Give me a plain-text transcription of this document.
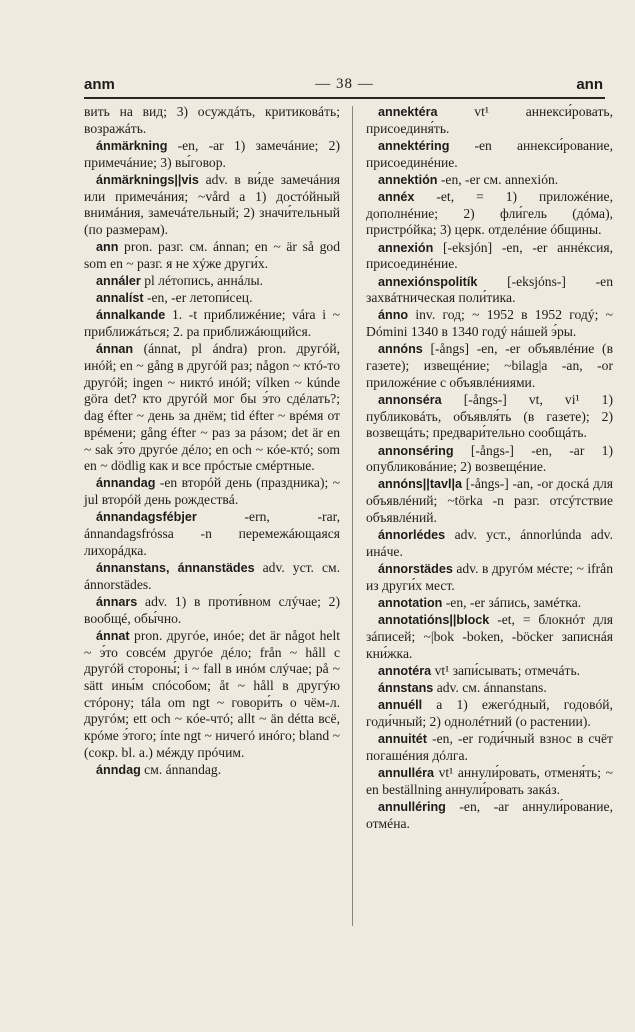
anm	— 38 —	ann

вить на вид; 3) осуждáть, критиковáть; возражáть.

ánmärkning -en, -ar 1) замечáние; 2) примечáние; 3) вы́говор.

ánmärknings||vis adv. в ви́де замечáния или примечáния; ~vård a 1) достóйный внимáния, замечáтельный; 2) значи́тельный (по размерам).

ann pron. разг. см. ánnan; en ~ är så god som en ~ разг. я не хýже други́х.

annáler pl лéтопись, аннáлы.

annalíst -en, -er летопи́сец.

ánnalkande 1. -t приближéние; vára i ~ приближáться; 2. pa приближáющийся.

ánnan (ánnat, pl ándra) pron. другóй, инóй; en ~ gång в другóй раз; någon ~ ктó-то другóй; ingen ~ никтó инóй; vílken ~ kúnde göra det? кто другóй мог бы э́то сдéлать?; dag éfter ~ день за днём; tid éfter ~ врéмя от врéмени; gång éfter ~ раз за рáзом; det är en ~ sak э́то другóе дéло; en och ~ кóе-ктó; som en ~ dödlig как и все прóстые смéртные.

ánnandag -en вторóй день (праздника); ~ jul вторóй день рождествá.

ánnandagsfébjer -ern, -rar, ánnandagsfrόssa -n перемежáющаяся лихорáдка.

ánnanstans, ánnanstädes adv. уст. см. ánnorstädes.

ánnars adv. 1) в проти́вном слýчае; 2) вообщé, обы́чно.

ánnat pron. другóе, инóе; det är något helt ~ э́то совсéм другóе дéло; från ~ håll с другóй стороны́; i ~ fall в инóм слýчае; på ~ sätt ины́м спóсобом; åt ~ håll в другýю стóрону; tála om ngt ~ говори́ть о чём-л. другóм; ett och ~ кóе-чтó; allt ~ än détta всё, крóме э́того; ínte ngt ~ ничегó инóго; bland ~ (сокр. bl. a.) мéжду прóчим.

ánndag см. ánnandag.

annektéra vt¹ аннекси́ровать, присоединя́ть.

annektéring -en аннекси́рование, присоединéние.

annektión -en, -er см. annexión.

annéx -et, = 1) приложéние, дополнéние; 2) фли́гель (дóма), пристрóйка; 3) церк. отделéние óбщины.

annexión [-eksjón] -en, -er аннéксия, присоединéние.

annexiónspolitík [-eksjóns-] -en захвáтническая поли́тика.

ánno inv. год; ~ 1952 в 1952 годý; ~ Dómini 1340 в 1340 годý нáшей э́ры.

annóns [-ångs] -en, -er объявлéние (в газете); извещéние; ~bilag|a -an, -or приложéние с объявлéниями.

annonséra [-ångs-] vt, vi¹ 1) публиковáть, объявля́ть (в газете); 2) возвещáть; предвари́тельно сообщáть.

annonséring [-ångs-] -en, -ar 1) опубликовáние; 2) возвещéние.

annóns||tavl|a [-ångs-] -an, -or доскá для объявлéний; ~törka -n разг. отсýтствие объявлéний.

ánnorlédes adv. уст., ánnorlúnda adv. инáче.

ánnorstädes adv. в другóм мéсте; ~ ifrån из други́х мест.

annotation -en, -er зáпись, замéтка.

annotatións||block -et, = блокнóт для зáписей; ~|bok -boken, -böcker записнáя кни́жка.

annotéra vt¹ запи́сывать; отмечáть.

ánnstans adv. см. ánnanstans.

annuéll a 1) ежегóдный, годовóй, годи́чный; 2) однолéтний (о растении).

annuitét -en, -er годи́чный взнос в счёт погашéния дóлга.

annulléra vt¹ аннули́ровать, отменя́ть; ~ en beställning аннули́ровать закáз.

annulléring -en, -ar аннули́рование, отмéна.
